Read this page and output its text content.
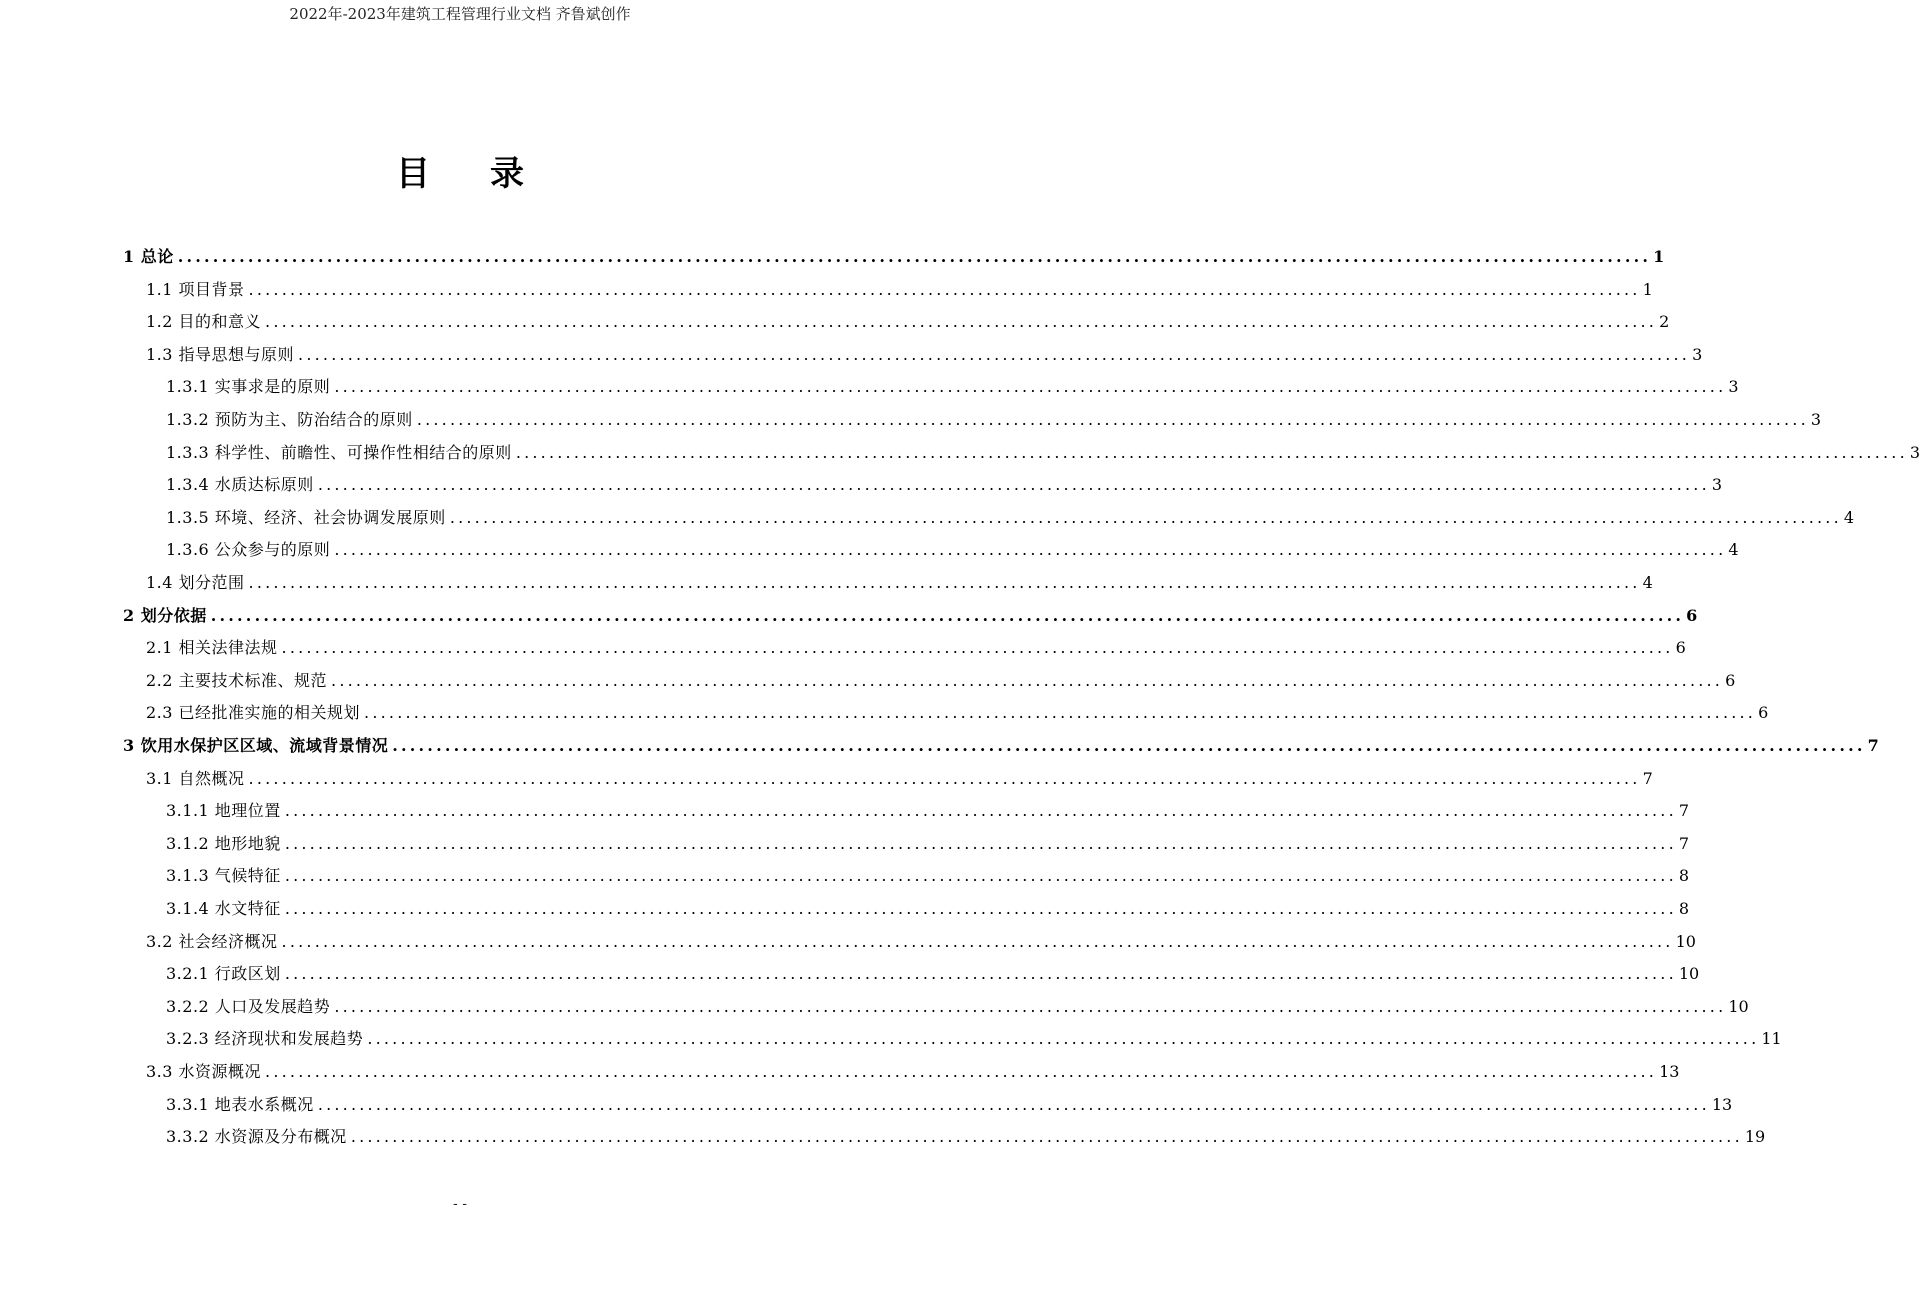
2022年-2023年建筑工程管理行业文档 齐鲁斌创作
目 录
1 总论 ........................................................................................................................................................................ 1
1.1 项目背景 ........................................................................................................................................................................ 1
1.2 目的和意义 ........................................................................................................................................................................ 2
1.3 指导思想与原则 ........................................................................................................................................................................ 3
1.3.1 实事求是的原则 ........................................................................................................................................................................ 3
1.3.2 预防为主、防治结合的原则 ........................................................................................................................................................................ 3
1.3.3 科学性、前瞻性、可操作性相结合的原则 ........................................................................................................................................................................ 3
1.3.4 水质达标原则 ........................................................................................................................................................................ 3
1.3.5 环境、经济、社会协调发展原则 ........................................................................................................................................................................ 4
1.3.6 公众参与的原则 ........................................................................................................................................................................ 4
1.4 划分范围 ........................................................................................................................................................................ 4
2 划分依据 ........................................................................................................................................................................ 6
2.1 相关法律法规 ........................................................................................................................................................................ 6
2.2 主要技术标准、规范 ........................................................................................................................................................................ 6
2.3 已经批准实施的相关规划 ........................................................................................................................................................................ 6
3 饮用水保护区区域、流域背景情况 ........................................................................................................................................................................ 7
3.1 自然概况 ........................................................................................................................................................................ 7
3.1.1 地理位置 ........................................................................................................................................................................ 7
3.1.2 地形地貌 ........................................................................................................................................................................ 7
3.1.3 气候特征 ........................................................................................................................................................................ 8
3.1.4 水文特征 ........................................................................................................................................................................ 8
3.2 社会经济概况 ........................................................................................................................................................................ 10
3.2.1 行政区划 ........................................................................................................................................................................ 10
3.2.2 人口及发展趋势 ........................................................................................................................................................................ 10
3.2.3 经济现状和发展趋势 ........................................................................................................................................................................ 11
3.3 水资源概况 ........................................................................................................................................................................ 13
3.3.1 地表水系概况 ........................................................................................................................................................................ 13
3.3.2 水资源及分布概况 ........................................................................................................................................................................ 19
- -
